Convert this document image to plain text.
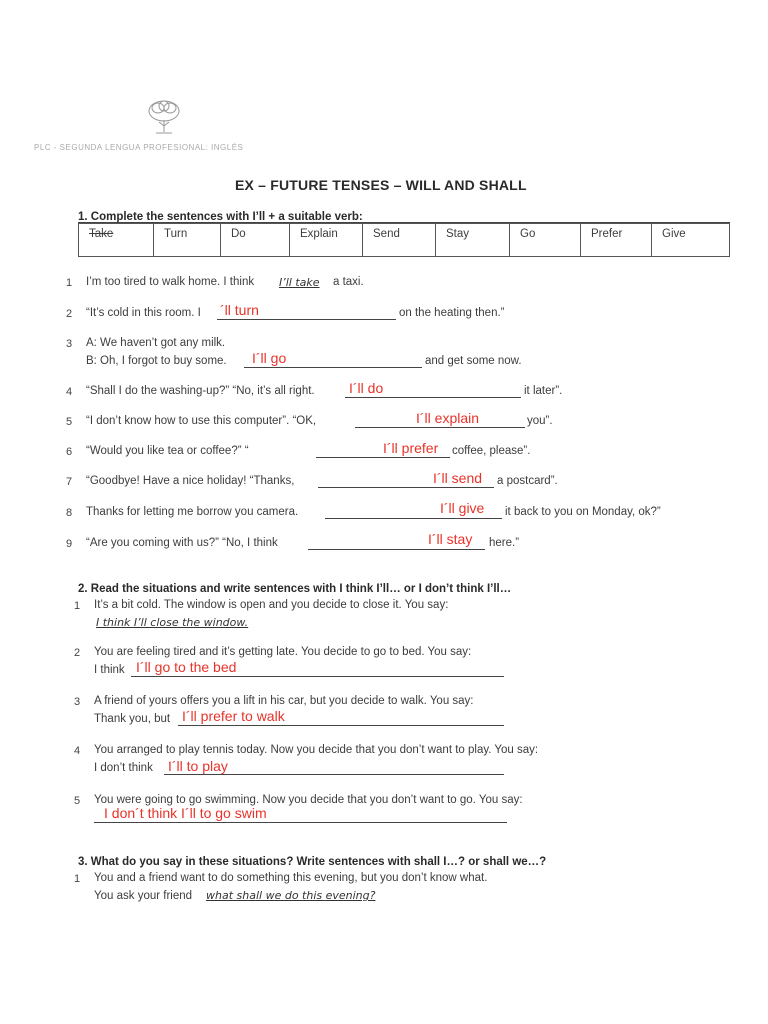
PLC - SEGUNDA LENGUA PROFESIONAL: INGLÉS
EX – FUTURE TENSES – WILL AND SHALL
1. Complete the sentences with I’ll + a suitable verb:
Take	Turn	Do	Explain	Send	Stay	Go	Prefer	Give
1 I’m too tired to walk home. I think I’ll take a taxi.
2 “It’s cold in this room. I ´ll turn	on the heating then.”
3 A: We haven’t got any milk.
B: Oh, I forgot to buy some. I´ll go	and get some now.
4 “Shall I do the washing-up?” “No, it’s all right. I´ll do	it later”.
5 “I don’t know how to use this computer”. “OK,	I´ll explain	you”.
6 “Would you like tea or coffee?” “	I´ll prefer coffee, please”.
7 “Goodbye! Have a nice holiday! “Thanks,	I´ll send a postcard”.
8 Thanks for letting me borrow you camera.	I´ll give it back to you on Monday, ok?”
9 “Are you coming with us?” “No, I think	I´ll stay here.”
2. Read the situations and write sentences with I think I’ll… or I don’t think I’ll…
1 It’s a bit cold. The window is open and you decide to close it. You say:
I think I’ll close the window.
2 You are feeling tired and it’s getting late. You decide to go to bed. You say:
I think I´ll go to the bed
3 A friend of yours offers you a lift in his car, but you decide to walk. You say:
Thank you, but I´ll prefer to walk
4 You arranged to play tennis today. Now you decide that you don’t want to play. You say:
I don’t think I´ll to play
5 You were going to go swimming. Now you decide that you don’t want to go. You say:
I don´t think I´ll to go swim
3. What do you say in these situations? Write sentences with shall I…? or shall we…?
1 You and a friend want to do something this evening, but you don’t know what.
You ask your friend what shall we do this evening?
